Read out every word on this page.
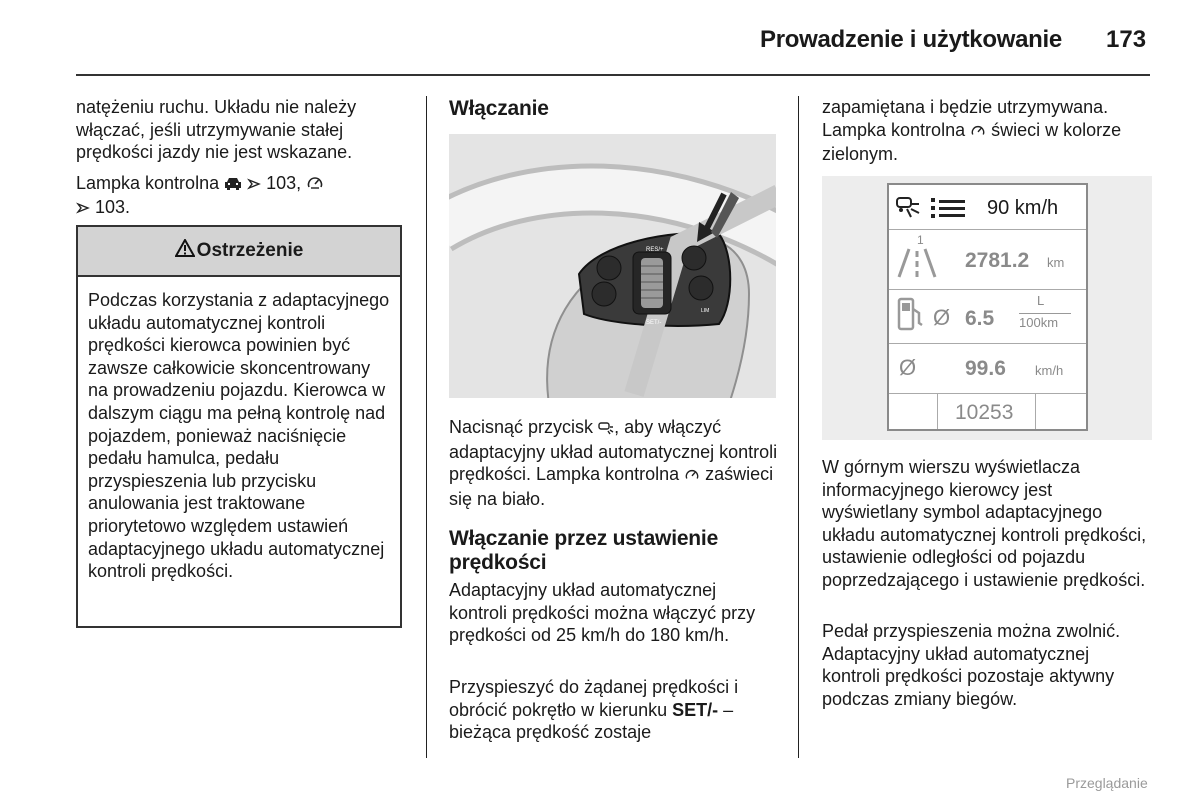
Prowadzenie i użytkowanie 173

natężeniu ruchu. Układu nie należy włączać, jeśli utrzymywanie stałej prędkości jazdy nie jest wskazane.

Lampka kontrolna	103,
103.

Ostrzeżenie

Podczas korzystania z adaptacyjnego układu automatycznej kontroli prędkości kierowca powinien być zawsze całkowicie skoncentrowany na prowadzeniu pojazdu. Kierowca w dalszym ciągu ma pełną kontrolę nad pojazdem, ponieważ naciśnięcie pedału hamulca, pedału przyspieszenia lub przycisku anulowania jest traktowane priorytetowo względem ustawień adaptacyjnego układu automatycznej kontroli prędkości.

Włączanie
RES/+
SET/-
LIM

Nacisnąć przycisk , aby włączyć adaptacyjny układ automatycznej kontroli prędkości. Lampka kontrolna zaświeci się na biało.

Włączanie przez ustawienie prędkości

Adaptacyjny układ automatycznej kontroli prędkości można włączyć przy prędkości od 25 km/h do 180 km/h.

Przyspieszyć do żądanej prędkości i obrócić pokrętło w kierunku SET/- – bieżąca prędkość zostaje

zapamiętana i będzie utrzymywana. Lampka kontrolna świeci w kolorze zielonym.

90 km/h
1
2781.2 km
Ø 6.5
L
100km
Ø 99.6 km/h
10253

W górnym wierszu wyświetlacza informacyjnego kierowcy jest wyświetlany symbol adaptacyjnego układu automatycznej kontroli prędkości, ustawienie odległości od pojazdu poprzedzającego i ustawienie prędkości.

Pedał przyspieszenia można zwolnić. Adaptacyjny układ automatycznej kontroli prędkości pozostaje aktywny podczas zmiany biegów.

Przeglądanie
